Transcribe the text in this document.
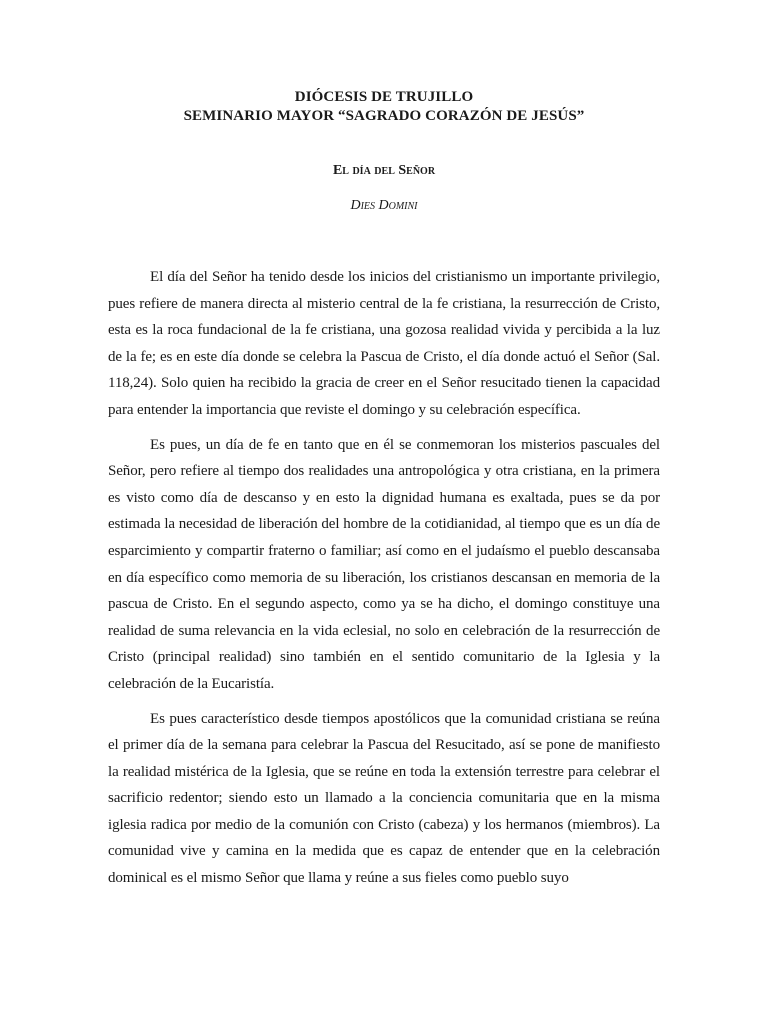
DIÓCESIS DE TRUJILLO
SEMINARIO MAYOR “SAGRADO CORAZÓN DE JESÚS”
El día del Señor
Dies Domini

El día del Señor ha tenido desde los inicios del cristianismo un importante privilegio, pues refiere de manera directa al misterio central de la fe cristiana, la resurrección de Cristo, esta es la roca fundacional de la fe cristiana, una gozosa realidad vivida y percibida a la luz de la fe; es en este día donde se celebra la Pascua de Cristo, el día donde actuó el Señor (Sal. 118,24). Solo quien ha recibido la gracia de creer en el Señor resucitado tienen la capacidad para entender la importancia que reviste el domingo y su celebración específica.

Es pues, un día de fe en tanto que en él se conmemoran los misterios pascuales del Señor, pero refiere al tiempo dos realidades una antropológica y otra cristiana, en la primera es visto como día de descanso y en esto la dignidad humana es exaltada, pues se da por estimada la necesidad de liberación del hombre de la cotidianidad, al tiempo que es un día de esparcimiento y compartir fraterno o familiar; así como en el judaísmo el pueblo descansaba en día específico como memoria de su liberación, los cristianos descansan en memoria de la pascua de Cristo. En el segundo aspecto, como ya se ha dicho, el domingo constituye una realidad de suma relevancia en la vida eclesial, no solo en celebración de la resurrección de Cristo (principal realidad) sino también en el sentido comunitario de la Iglesia y la celebración de la Eucaristía.

Es pues característico desde tiempos apostólicos que la comunidad cristiana se reúna el primer día de la semana para celebrar la Pascua del Resucitado, así se pone de manifiesto la realidad mistérica de la Iglesia, que se reúne en toda la extensión terrestre para celebrar el sacrificio redentor; siendo esto un llamado a la conciencia comunitaria que en la misma iglesia radica por medio de la comunión con Cristo (cabeza) y los hermanos (miembros). La comunidad vive y camina en la medida que es capaz de entender que en la celebración dominical es el mismo Señor que llama y reúne a sus fieles como pueblo suyo
